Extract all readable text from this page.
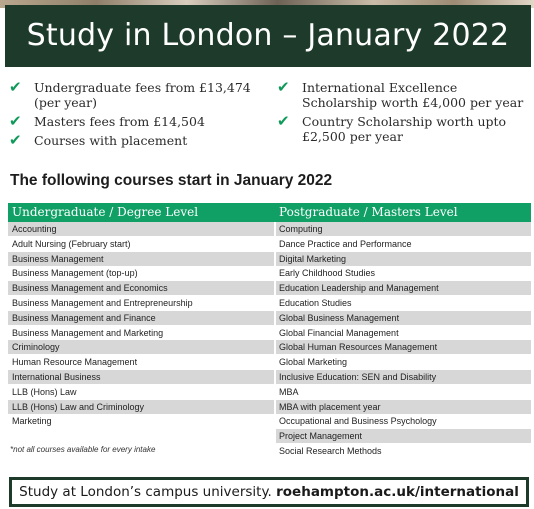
Study in London – January 2022
✔ Undergraduate fees from £13,474 (per year)
✔ Masters fees from £14,504
✔ Courses with placement
✔ International Excellence Scholarship worth £4,000 per year
✔ Country Scholarship worth upto £2,500 per year
The following courses start in January 2022
Undergraduate / Degree Level	Postgraduate / Masters Level
Accounting
Adult Nursing (February start)
Business Management
Business Management (top-up)
Business Management and Economics
Business Management and Entrepreneurship
Business Management and Finance
Business Management and Marketing
Criminology
Human Resource Management
International Business
LLB (Hons) Law
LLB (Hons) Law and Criminology
Marketing
Computing
Dance Practice and Performance
Digital Marketing
Early Childhood Studies
Education Leadership and Management
Education Studies
Global Business Management
Global Financial Management
Global Human Resources Management
Global Marketing
Inclusive Education: SEN and Disability
MBA
MBA with placement year
Occupational and Business Psychology
Project Management
Social Research Methods
*not all courses available for every intake
Study at London’s campus university. roehampton.ac.uk/international
